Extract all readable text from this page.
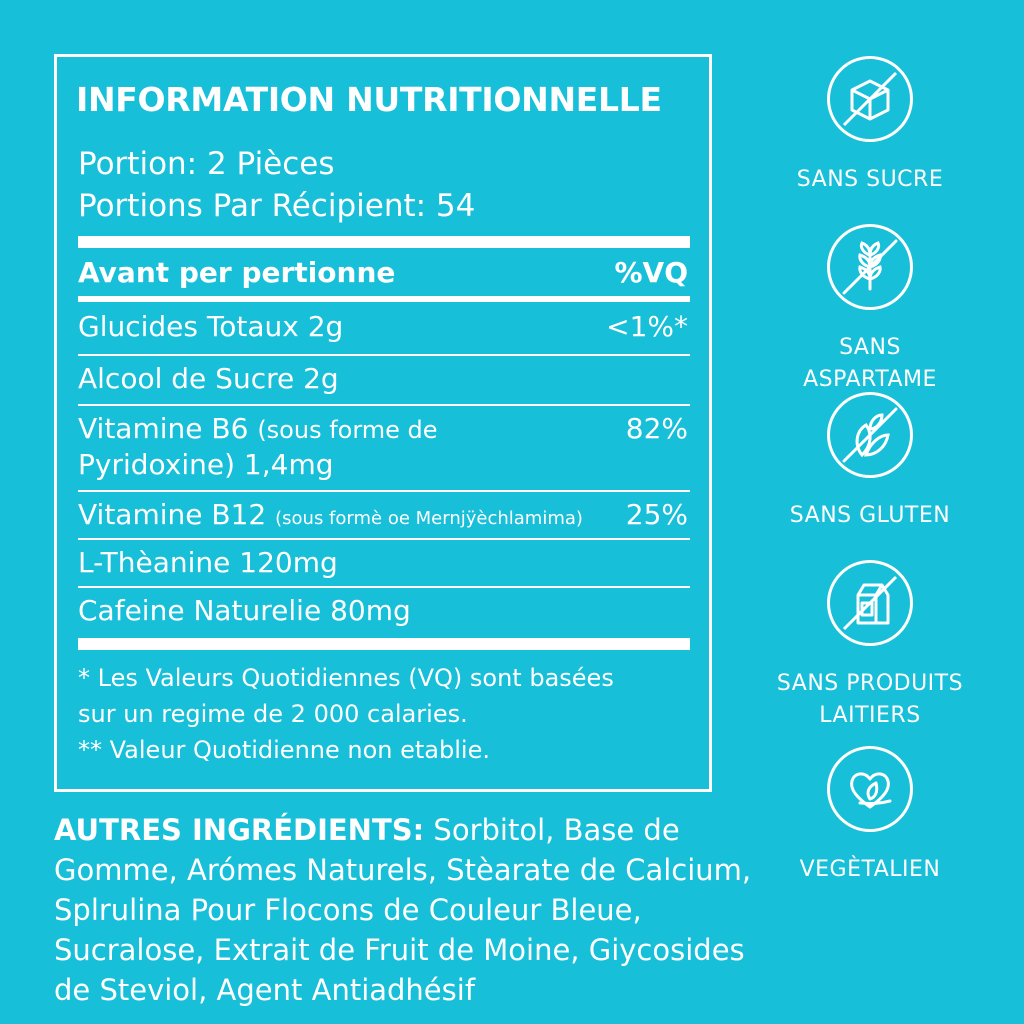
INFORMATION NUTRITIONNELLE
Portion: 2 Pièces
Portions Par Récipient: 54
Avant per pertionne	%VQ
Glucides Totaux 2g	<1%*
Alcool de Sucre 2g
Vitamine B6 (sous forme de
Pyridoxine) 1,4mg
82%
Vitamine B12 (sous formè oe Mernjÿèchlamima) 25%
L-Thèanine 120mg
Cafeine Naturelie 80mg
* Les Valeurs Quotidiennes (VQ) sont basées
sur un regime de 2 000 calaries.
** Valeur Quotidienne non etablie.
AUTRES INGRÉDIENTS: Sorbitol, Base de Gomme, Arómes Naturels, Stèarate de Calcium, Splrulina Pour Flocons de Couleur Bleue, Sucralose, Extrait de Fruit de Moine, Giycosides de Steviol, Agent Antiadhésif
SANS SUCRE
SANS ASPARTAME
SANS GLUTEN
SANS PRODUITS
LAITIERS
VEGÈTALIEN
